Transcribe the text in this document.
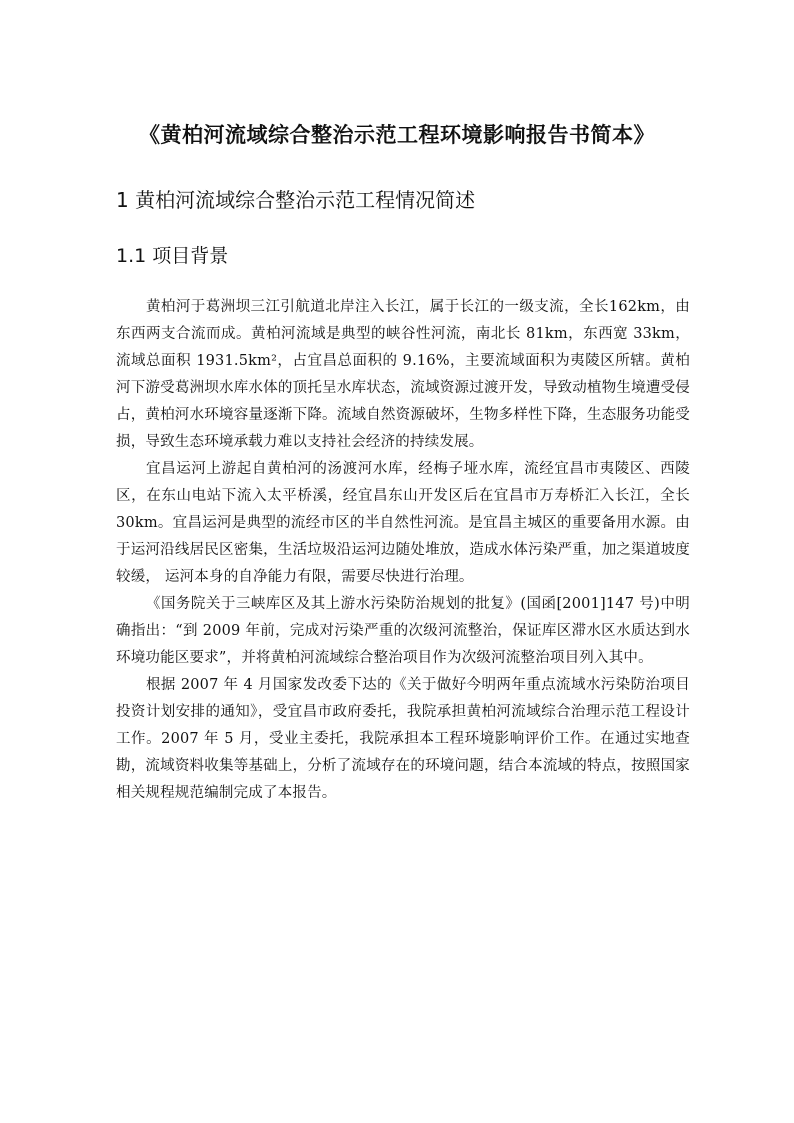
《黄柏河流域综合整治示范工程环境影响报告书简本》
1 黄柏河流域综合整治示范工程情况简述
1.1 项目背景

黄柏河于葛洲坝三江引航道北岸注入长江，属于长江的一级支流，全长162km，由东西两支合流而成。黄柏河流域是典型的峡谷性河流，南北长 81km，东西宽 33km，流域总面积 1931.5km²，占宜昌总面积的 9.16%，主要流域面积为夷陵区所辖。黄柏河下游受葛洲坝水库水体的顶托呈水库状态，流域资源过渡开发，导致动植物生境遭受侵占，黄柏河水环境容量逐渐下降。流域自然资源破坏，生物多样性下降，生态服务功能受损，导致生态环境承载力难以支持社会经济的持续发展。

宜昌运河上游起自黄柏河的汤渡河水库，经梅子垭水库，流经宜昌市夷陵区、西陵区，在东山电站下流入太平桥溪，经宜昌东山开发区后在宜昌市万寿桥汇入长江，全长 30km。宜昌运河是典型的流经市区的半自然性河流。是宜昌主城区的重要备用水源。由于运河沿线居民区密集，生活垃圾沿运河边随处堆放，造成水体污染严重，加之渠道坡度较缓， 运河本身的自净能力有限，需要尽快进行治理。

《国务院关于三峡库区及其上游水污染防治规划的批复》(国函[2001]147 号)中明确指出：“到 2009 年前，完成对污染严重的次级河流整治，保证库区滞水区水质达到水环境功能区要求”，并将黄柏河流域综合整治项目作为次级河流整治项目列入其中。

根据 2007 年 4 月国家发改委下达的《关于做好今明两年重点流域水污染防治项目投资计划安排的通知》，受宜昌市政府委托，我院承担黄柏河流域综合治理示范工程设计工作。2007 年 5 月，受业主委托，我院承担本工程环境影响评价工作。在通过实地查勘，流域资料收集等基础上，分析了流域存在的环境问题，结合本流域的特点，按照国家相关规程规范编制完成了本报告。
